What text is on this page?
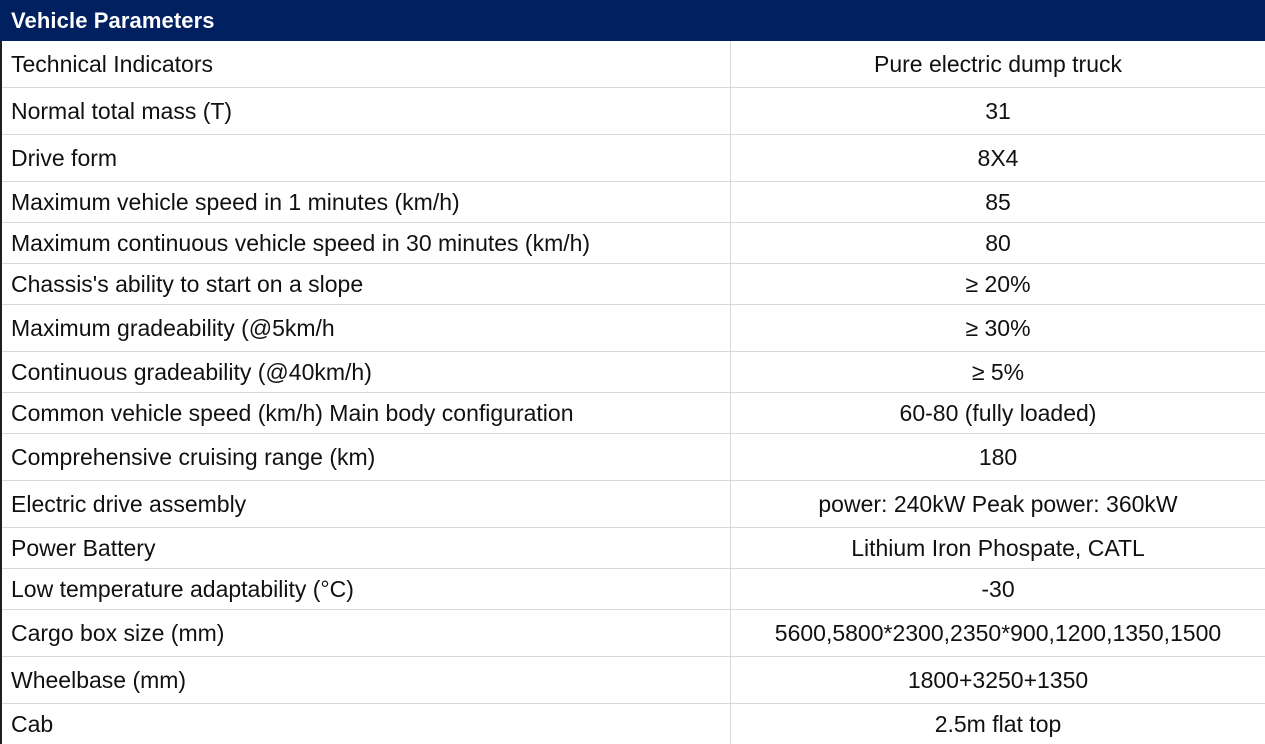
Vehicle Parameters
Technical Indicators	Pure electric dump truck
Normal total mass (T)	31
Drive form	8X4
Maximum vehicle speed in 1 minutes (km/h)	85
Maximum continuous vehicle speed in 30 minutes (km/h)	80
Chassis's ability to start on a slope	≥ 20%
Maximum gradeability (@5km/h	≥ 30%
Continuous gradeability (@40km/h)	≥ 5%
Common vehicle speed (km/h) Main body configuration	60-80 (fully loaded)
Comprehensive cruising range (km)	180
Electric drive assembly	power: 240kW Peak power: 360kW
Power Battery	Lithium Iron Phospate, CATL
Low temperature adaptability (°C)	-30
Cargo box size (mm)	5600,5800*2300,2350*900,1200,1350,1500
Wheelbase (mm)	1800+3250+1350
Cab	2.5m flat top
